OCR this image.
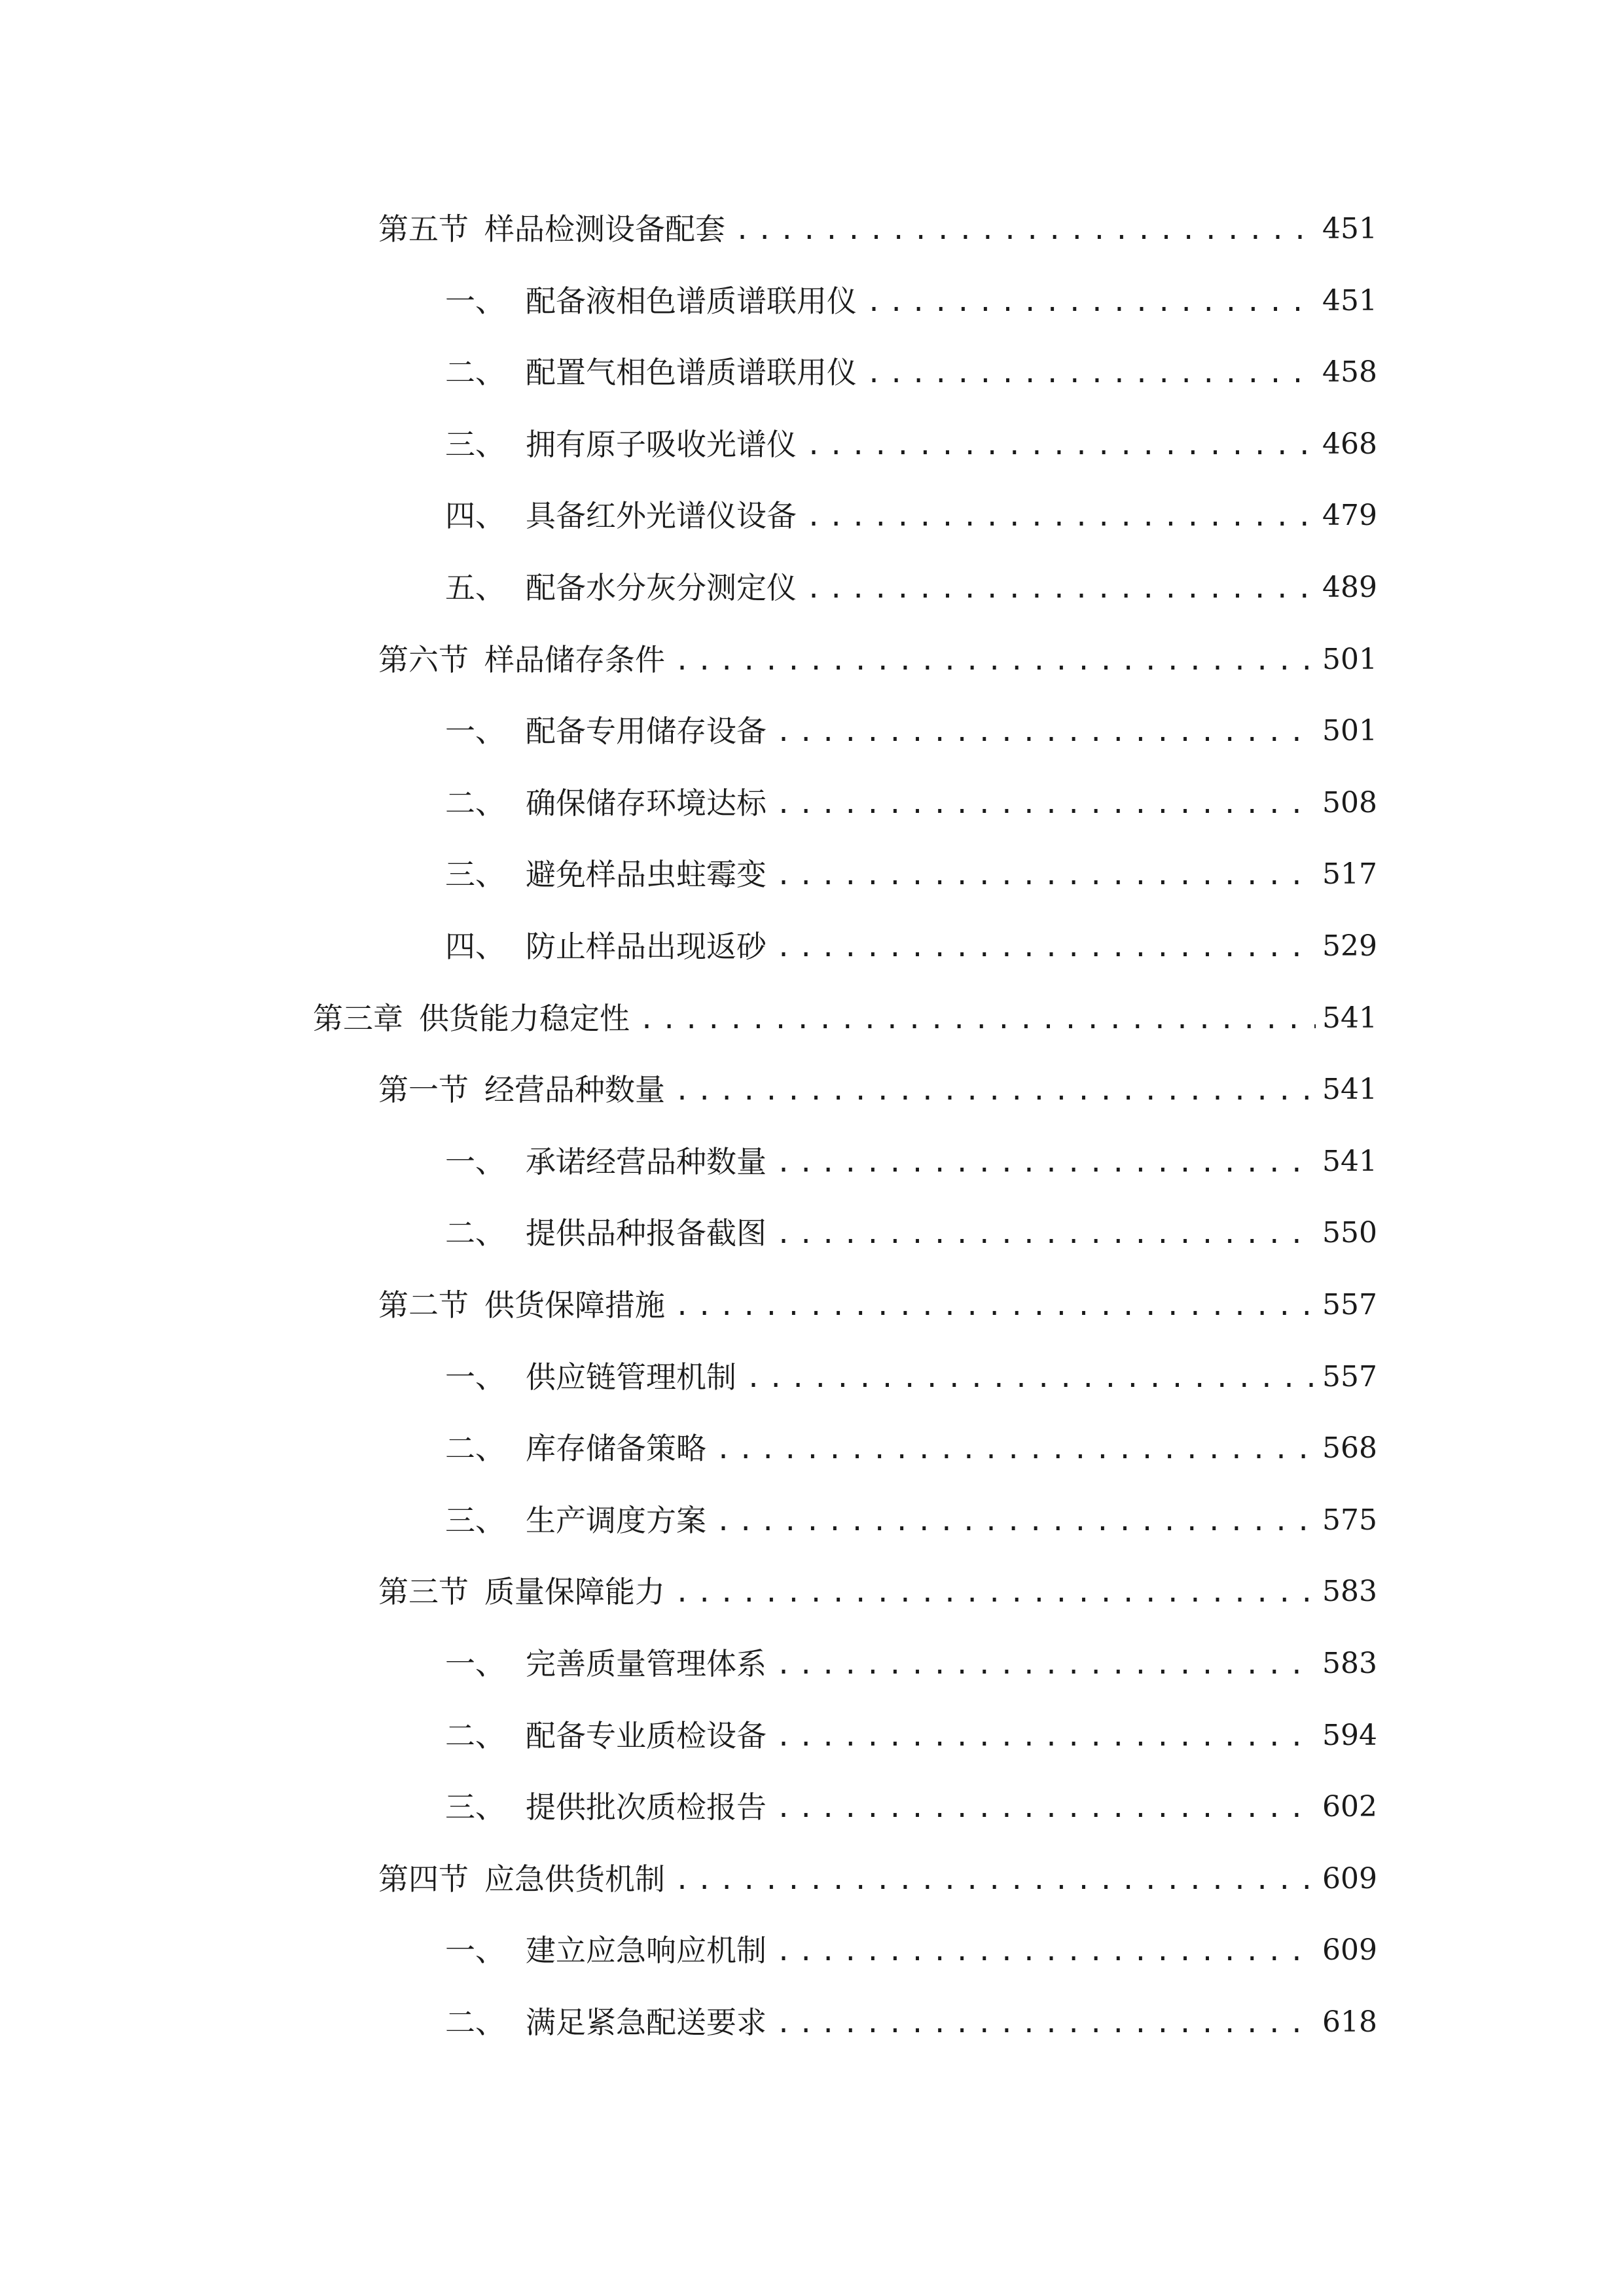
第五节 样品检测设备配套 .....	451
一、 配备液相色谱质谱联用仪 .....	451
二、 配置气相色谱质谱联用仪 .....	458
三、 拥有原子吸收光谱仪 .....	468
四、 具备红外光谱仪设备 .....	479
五、 配备水分灰分测定仪 .....	489
第六节 样品储存条件 .....	501
一、 配备专用储存设备 .....	501
二、 确保储存环境达标 .....	508
三、 避免样品虫蛀霉变 .....	517
四、 防止样品出现返砂 .....	529
第三章 供货能力稳定性 .....	541
第一节 经营品种数量 .....	541
一、 承诺经营品种数量 .....	541
二、 提供品种报备截图 .....	550
第二节 供货保障措施 .....	557
一、 供应链管理机制 .....	557
二、 库存储备策略 .....	568
三、 生产调度方案 .....	575
第三节 质量保障能力 .....	583
一、 完善质量管理体系 .....	583
二、 配备专业质检设备 .....	594
三、 提供批次质检报告 .....	602
第四节 应急供货机制 .....	609
一、 建立应急响应机制 .....	609
二、 满足紧急配送要求 .....	618
